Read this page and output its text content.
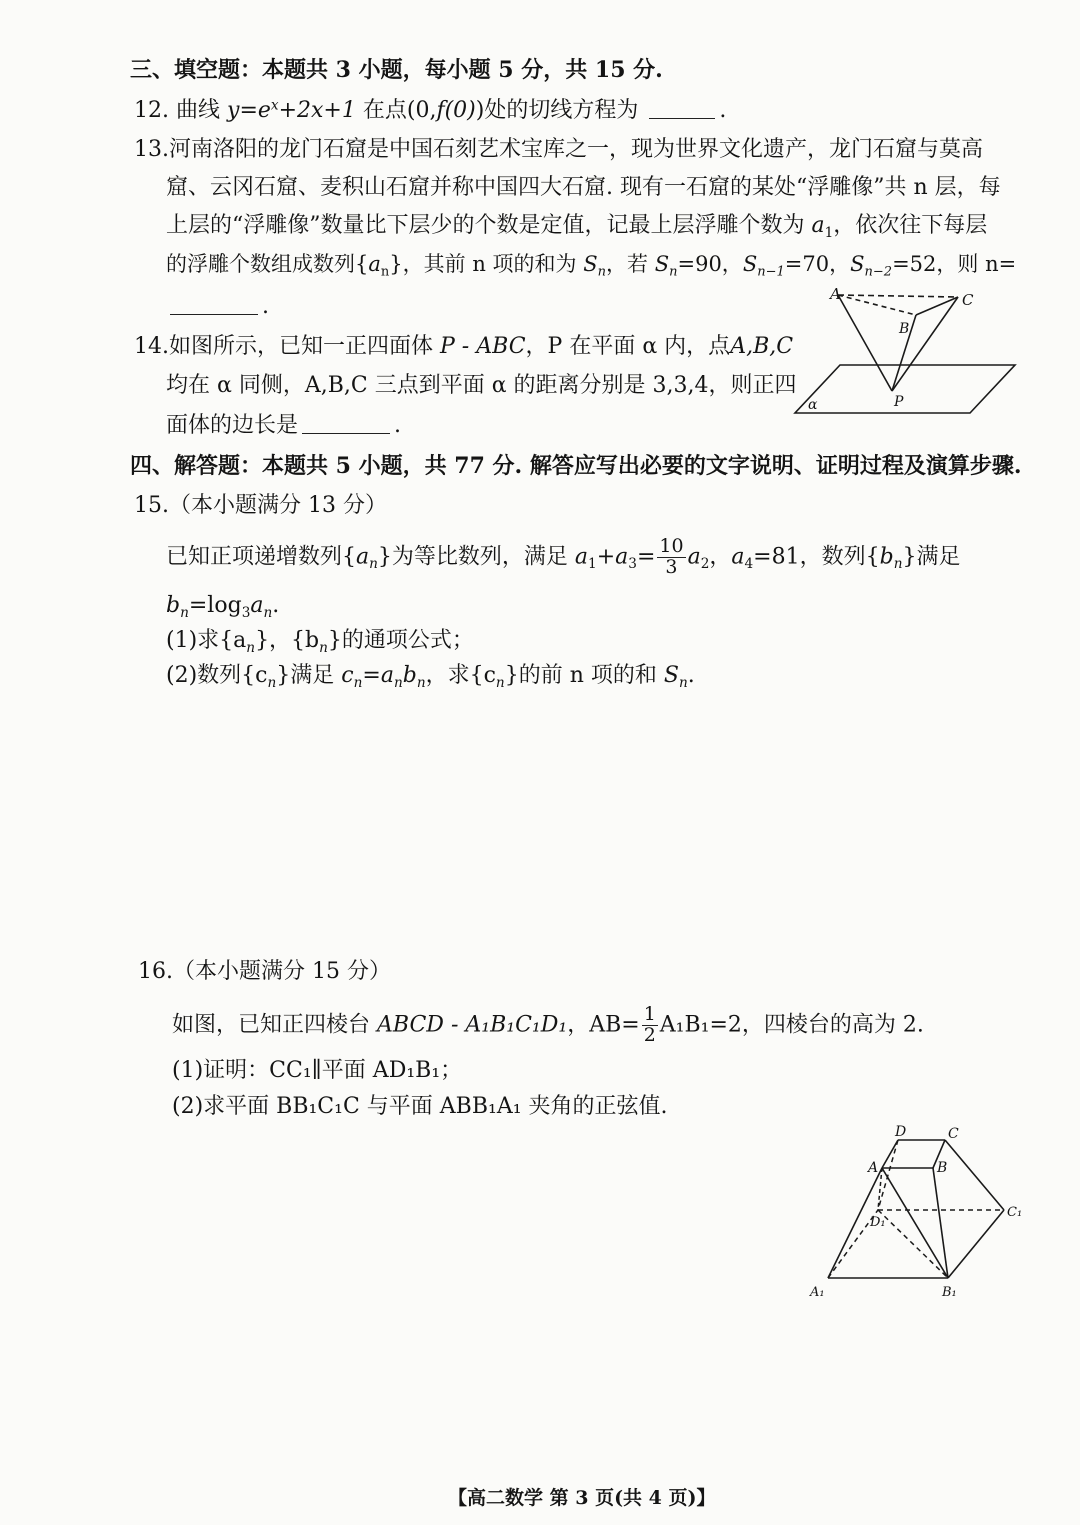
三、填空题：本题共 3 小题，每小题 5 分，共 15 分.
12. 曲线 $y=e^x+2x+1$ 在点(0,f(0))处的切线方程为	.
13.河南洛阳的龙门石窟是中国石刻艺术宝库之一，现为世界文化遗产，龙门石窟与莫高
窟、云冈石窟、麦积山石窟并称中国四大石窟. 现有一石窟的某处“浮雕像”共 n 层，每
上层的“浮雕像”数量比下层少的个数是定值，记最上层浮雕个数为 $a_1$，依次往下每层
的浮雕个数组成数列$\{a_n\}$，其前 n 项的和为 $S_n$，若 $S_n=90$，$S_{n-1}=70$，$S_{n-2}=52$，则 n=
.
14.如图所示，已知一正四面体 P - ABC，P 在平面 α 内，点A,B,C
均在 α 同侧，A,B,C 三点到平面 α 的距离分别是 3,3,4，则正四
面体的边长是	.
A	C
B
P
α
四、解答题：本题共 5 小题，共 77 分. 解答应写出必要的文字说明、证明过程及演算步骤.
15.（本小题满分 13 分）
已知正项递增数列$\{a_n\}$为等比数列，满足 $a_1+a_3= \frac{10}{3} a_2$，$a_4=81$，数列$\{b_n\}$满足
$b_n=\log_3a_n$.
(1)求$\{a_n\}$，$\{b_n\}$的通项公式；
(2)数列$\{c_n\}$满足 $c_n=a_nb_n$，求$\{c_n\}$的前 n 项的和 $S_n$.
16.（本小题满分 15 分）
如图，已知正四棱台 ABCD - A₁B₁C₁D₁，$AB= \frac{1}{2} A_1B_1=2$，四棱台的高为 2.
(1)证明：CC₁∥平面 AD₁B₁；
(2)求平面 BB₁C₁C 与平面 ABB₁A₁ 夹角的正弦值.
D	C
A	B
D₁
C₁
A₁	B₁
【高二数学 第 3 页(共 4 页)】
